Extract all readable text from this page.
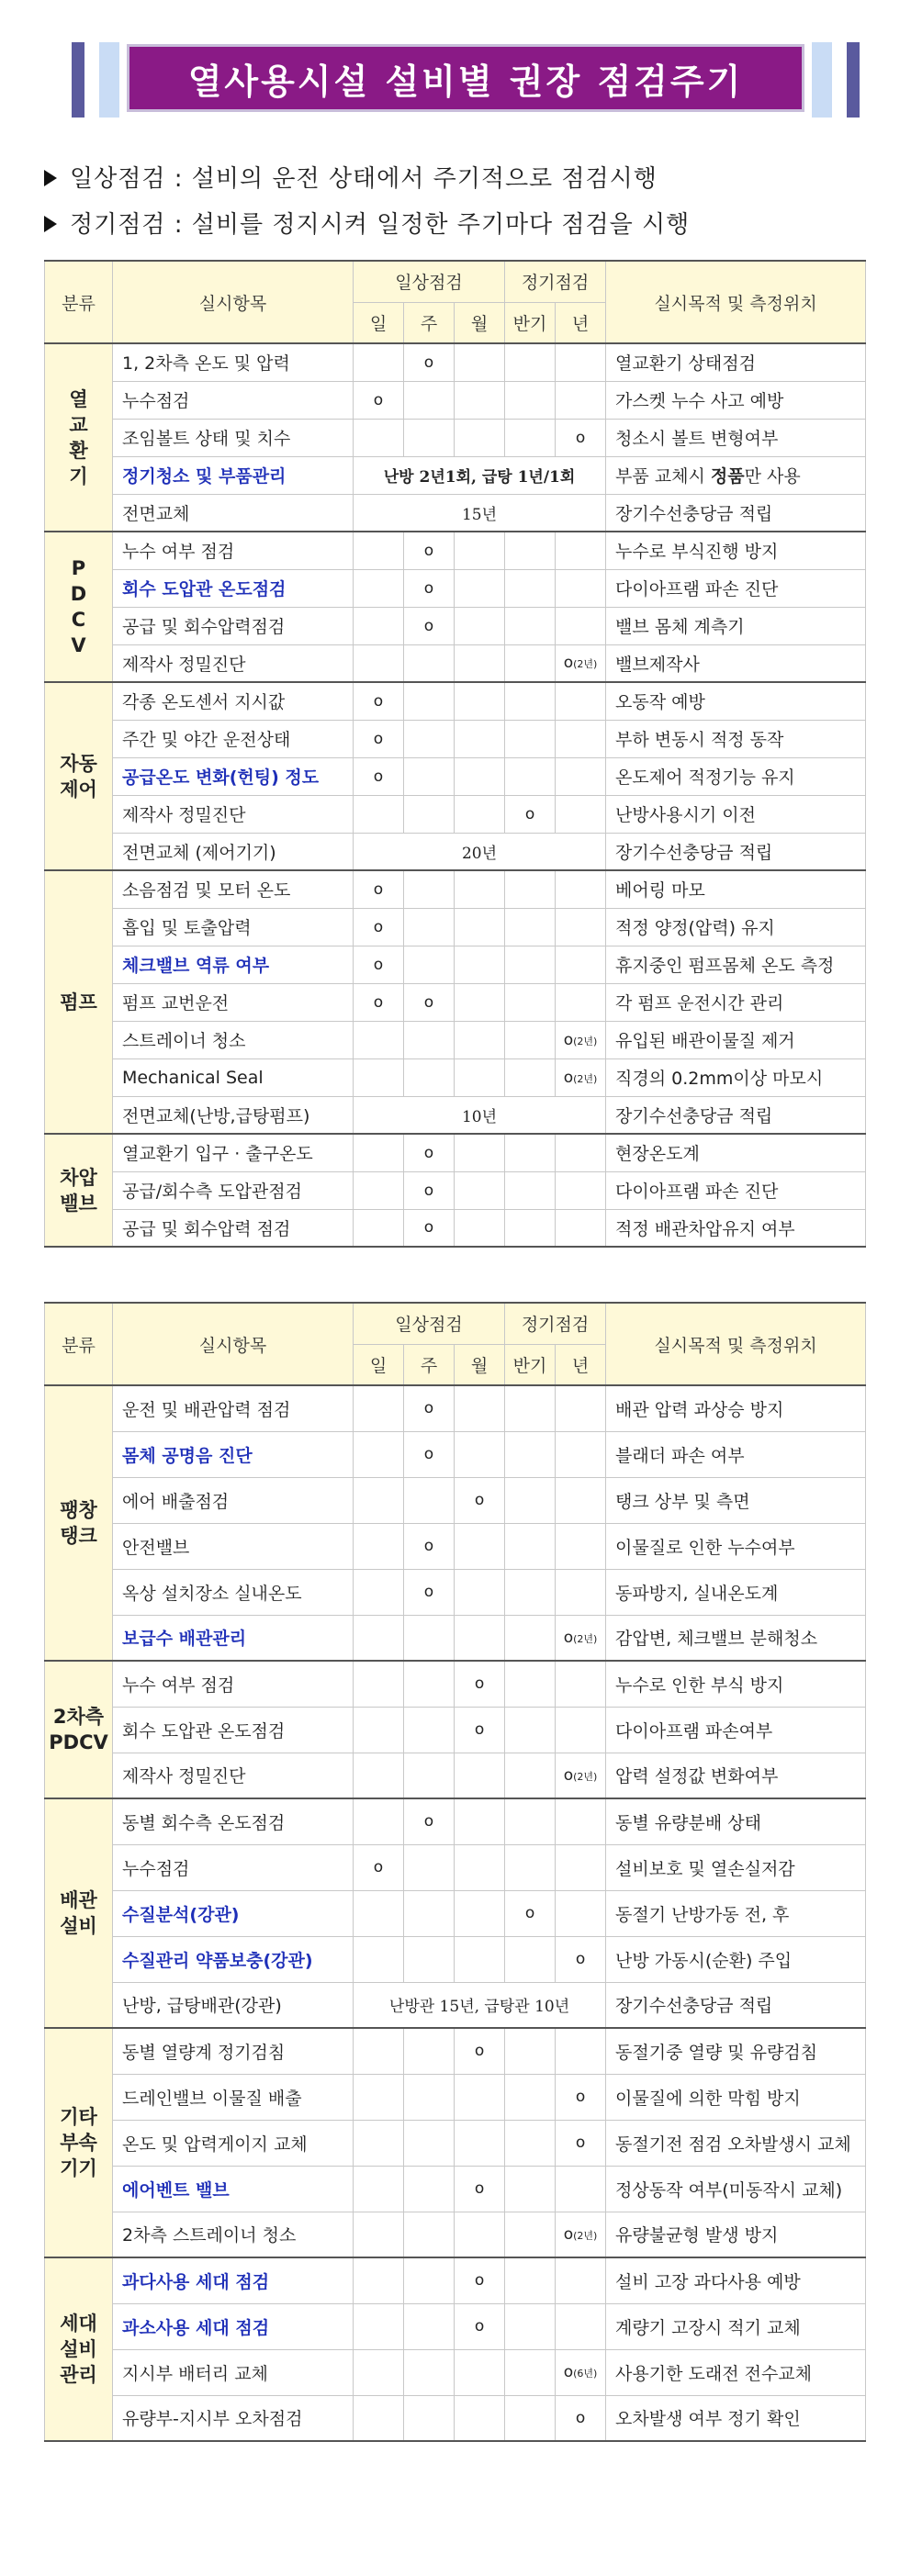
열사용시설 설비별 권장 점검주기
일상점검 : 설비의 운전 상태에서 주기적으로 점검시행
정기점검 : 설비를 정지시켜 일정한 주기마다 점검을 시행
분류	실시항목	일상점검			정기점검		실시목적 및 측정위치
		일	주	월	반기	년	
열
교
환
기	1, 2차측 온도 및 압력		o				열교환기 상태점검
	누수점검	o					가스켓 누수 사고 예방
	조임볼트 상태 및 치수					o	청소시 볼트 변형여부
	정기청소 및 부품관리	난방 2년1회, 급탕 1년/1회					부품 교체시 정품만 사용
	전면교체	15년					장기수선충당금 적립
P
D
C
V	누수 여부 점검		o				누수로 부식진행 방지
	회수 도압관 온도점검		o				다이아프램 파손 진단
	공급 및 회수압력점검		o				밸브 몸체 계측기
	제작사 정밀진단					o(2년)	밸브제작사
자동
제어	각종 온도센서 지시값	o					오동작 예방
	주간 및 야간 운전상태	o					부하 변동시 적정 동작
	공급온도 변화(헌팅) 정도	o					온도제어 적정기능 유지
	제작사 정밀진단				o		난방사용시기 이전
	전면교체 (제어기기)	20년					장기수선충당금 적립
펌프	소음점검 및 모터 온도	o					베어링 마모
	흡입 및 토출압력	o					적정 양정(압력) 유지
	체크밸브 역류 여부	o					휴지중인 펌프몸체 온도 측정
	펌프 교번운전	o	o				각 펌프 운전시간 관리
	스트레이너 청소					o(2년)	유입된 배관이물질 제거
	Mechanical Seal					o(2년)	직경의 0.2mm이상 마모시
	전면교체(난방,급탕펌프)	10년					장기수선충당금 적립
차압
밸브	열교환기 입구 · 출구온도		o				현장온도계
	공급/회수측 도압관점검		o				다이아프램 파손 진단
	공급 및 회수압력 점검		o				적정 배관차압유지 여부
분류	실시항목	일상점검			정기점검		실시목적 및 측정위치
		일	주	월	반기	년	
팽창
탱크	운전 및 배관압력 점검		o				배관 압력 과상승 방지
	몸체 공명음 진단		o				블래더 파손 여부
	에어 배출점검			o			탱크 상부 및 측면
	안전밸브		o				이물질로 인한 누수여부
	옥상 설치장소 실내온도		o				동파방지, 실내온도계
	보급수 배관관리					o(2년)	감압변, 체크밸브 분해청소
2차측
PDCV	누수 여부 점검			o			누수로 인한 부식 방지
	회수 도압관 온도점검			o			다이아프램 파손여부
	제작사 정밀진단					o(2년)	압력 설정값 변화여부
배관
설비	동별 회수측 온도점검		o				동별 유량분배 상태
	누수점검	o					설비보호 및 열손실저감
	수질분석(강관)				o		동절기 난방가동 전, 후
	수질관리 약품보충(강관)					o	난방 가동시(순환) 주입
	난방, 급탕배관(강관)	난방관 15년, 급탕관 10년					장기수선충당금 적립
기타
부속
기기	동별 열량계 정기검침			o			동절기중 열량 및 유량검침
	드레인밸브 이물질 배출					o	이물질에 의한 막힘 방지
	온도 및 압력게이지 교체					o	동절기전 점검 오차발생시 교체
	에어벤트 밸브			o			정상동작 여부(미동작시 교체)
	2차측 스트레이너 청소					o(2년)	유량불균형 발생 방지
세대
설비
관리	과다사용 세대 점검			o			설비 고장 과다사용 예방
	과소사용 세대 점검			o			계량기 고장시 적기 교체
	지시부 배터리 교체					o(6년)	사용기한 도래전 전수교체
	유량부-지시부 오차점검					o	오차발생 여부 정기 확인
